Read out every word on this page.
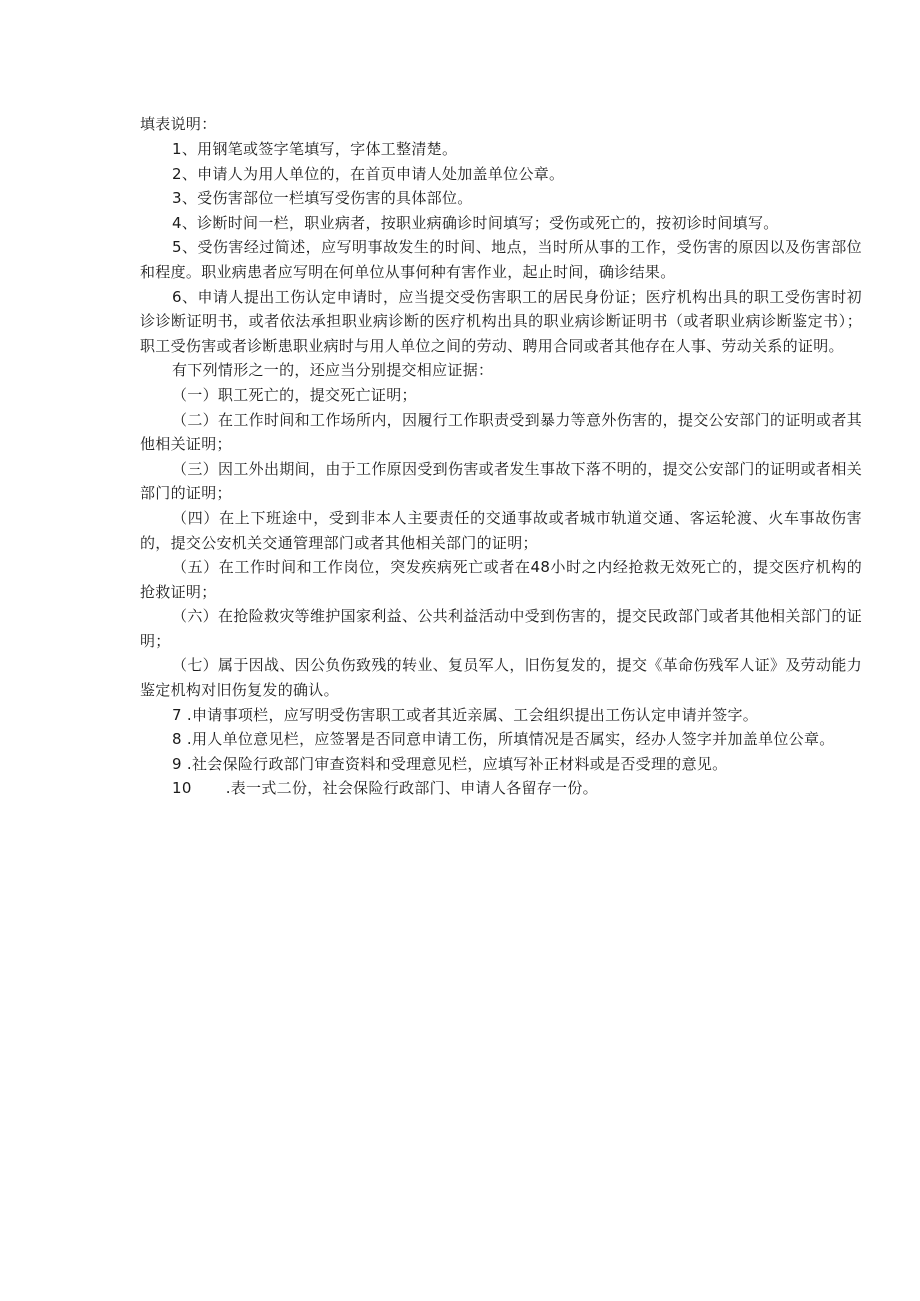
填表说明：

1、用钢笔或签字笔填写，字体工整清楚。

2、申请人为用人单位的，在首页申请人处加盖单位公章。

3、受伤害部位一栏填写受伤害的具体部位。

4、诊断时间一栏，职业病者，按职业病确诊时间填写；受伤或死亡的，按初诊时间填写。

5、受伤害经过简述，应写明事故发生的时间、地点，当时所从事的工作，受伤害的原因以及伤害部位和程度。职业病患者应写明在何单位从事何种有害作业，起止时间，确诊结果。

6、申请人提出工伤认定申请时，应当提交受伤害职工的居民身份证；医疗机构出具的职工受伤害时初诊诊断证明书，或者依法承担职业病诊断的医疗机构出具的职业病诊断证明书（或者职业病诊断鉴定书）；职工受伤害或者诊断患职业病时与用人单位之间的劳动、聘用合同或者其他存在人事、劳动关系的证明。

有下列情形之一的，还应当分别提交相应证据：

（一）职工死亡的，提交死亡证明；

（二）在工作时间和工作场所内，因履行工作职责受到暴力等意外伤害的，提交公安部门的证明或者其他相关证明；

（三）因工外出期间，由于工作原因受到伤害或者发生事故下落不明的，提交公安部门的证明或者相关部门的证明；

（四）在上下班途中，受到非本人主要责任的交通事故或者城市轨道交通、客运轮渡、火车事故伤害的，提交公安机关交通管理部门或者其他相关部门的证明；

（五）在工作时间和工作岗位，突发疾病死亡或者在48小时之内经抢救无效死亡的，提交医疗机构的抢救证明；

（六）在抢险救灾等维护国家利益、公共利益活动中受到伤害的，提交民政部门或者其他相关部门的证明；

（七）属于因战、因公负伤致残的转业、复员军人，旧伤复发的，提交《革命伤残军人证》及劳动能力鉴定机构对旧伤复发的确认。

7 .申请事项栏，应写明受伤害职工或者其近亲属、工会组织提出工伤认定申请并签字。

8 .用人单位意见栏，应签署是否同意申请工伤，所填情况是否属实，经办人签字并加盖单位公章。

9 .社会保险行政部门审查资料和受理意见栏，应填写补正材料或是否受理的意见。

10 .表一式二份，社会保险行政部门、申请人各留存一份。
